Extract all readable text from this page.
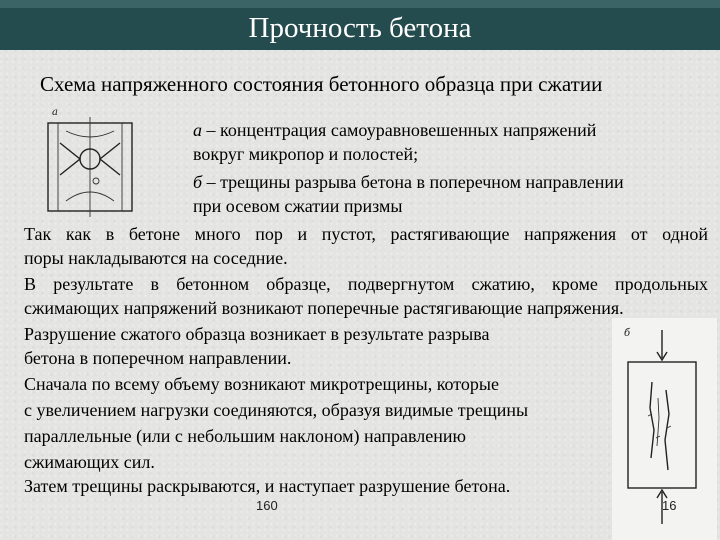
Прочность бетона
Схема напряженного состояния бетонного образца при сжатии
а
а – концентрация самоуравновешенных напряжений
вокруг микропор и полостей;
б – трещины разрыва бетона в поперечном направлении
при осевом сжатии призмы
Так как в бетоне много пор и пустот, растягивающие напряжения от одной
поры накладываются на соседние.
В результате в бетонном образце, подвергнутом сжатию, кроме продольных
сжимающих напряжений возникают поперечные растягивающие напряжения.
Разрушение сжатого образца возникает в результате разрыва
бетона в поперечном направлении.
Сначала по всему объему возникают микротрещины, которые
с увеличением нагрузки соединяются, образуя видимые трещины
параллельные (или с небольшим наклоном) направлению
сжимающих сил.
Затем трещины раскрываются, и наступает разрушение бетона.
б
160	16
